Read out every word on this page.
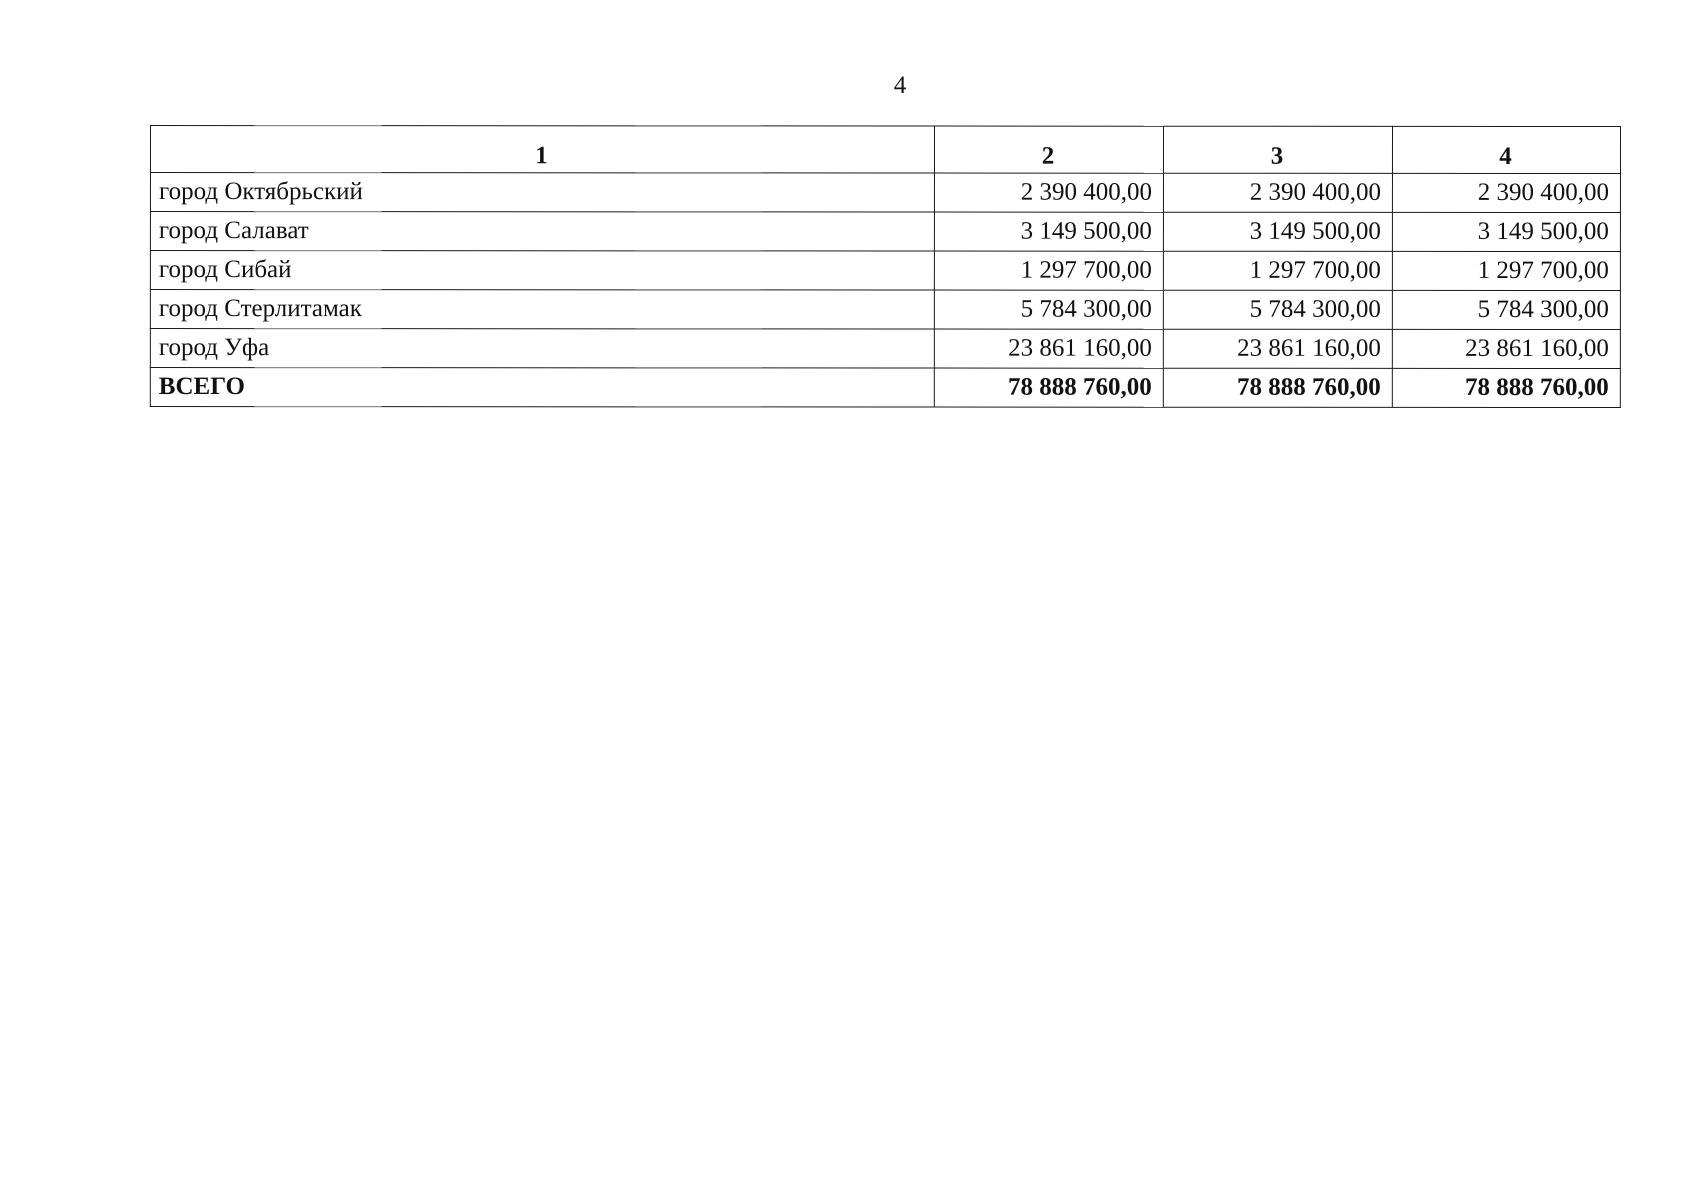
4
1	2	3	4
город Октябрьский	2 390 400,00	2 390 400,00	2 390 400,00
город Салават	3 149 500,00	3 149 500,00	3 149 500,00
город Сибай	1 297 700,00	1 297 700,00	1 297 700,00
город Стерлитамак	5 784 300,00	5 784 300,00	5 784 300,00
город Уфа	23 861 160,00	23 861 160,00	23 861 160,00
ВСЕГО	78 888 760,00	78 888 760,00	78 888 760,00
